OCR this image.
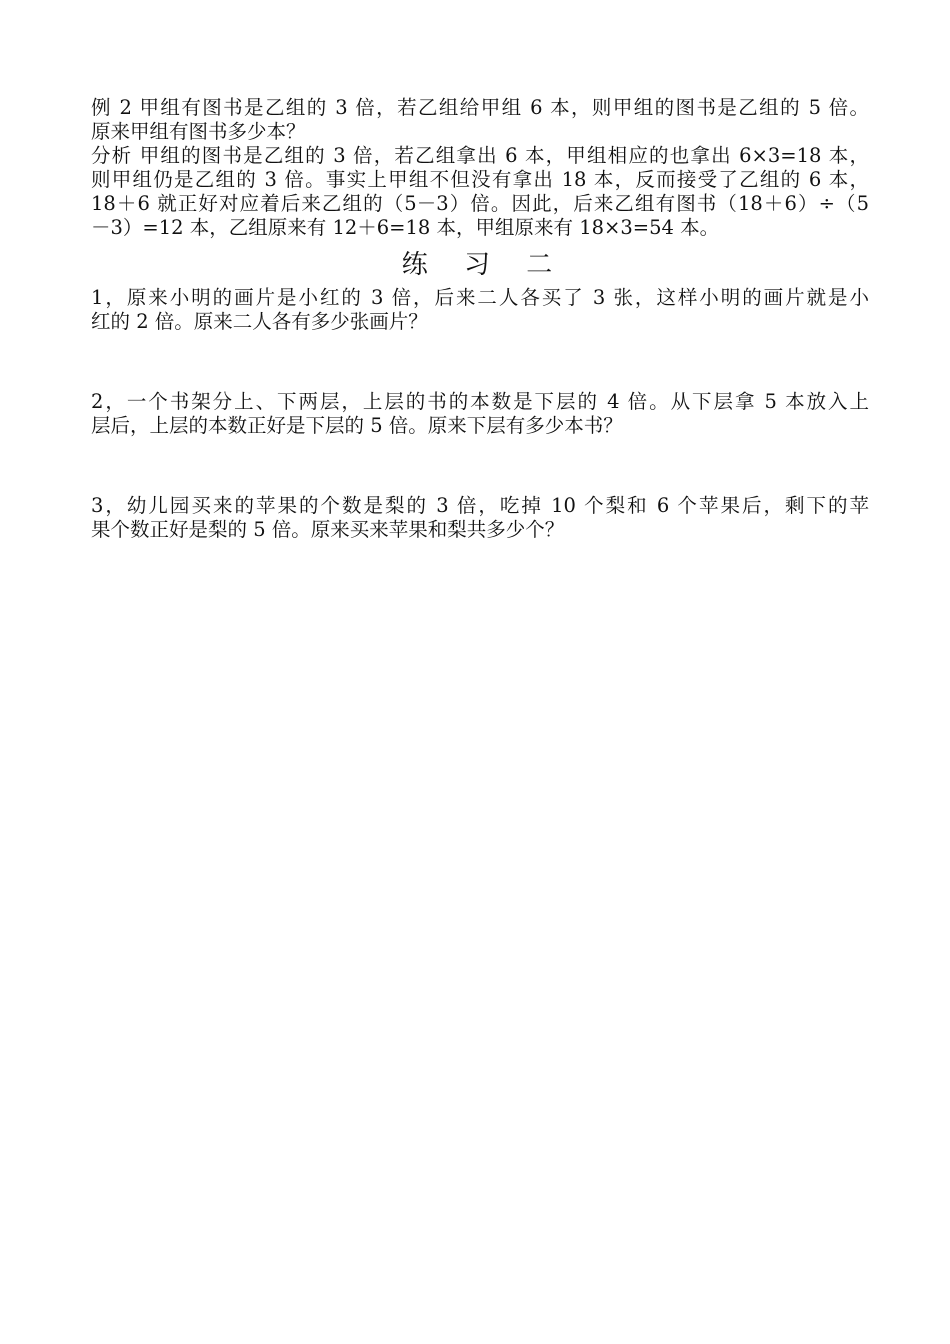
例 2 甲组有图书是乙组的 3 倍，若乙组给甲组 6 本，则甲组的图书是乙组的 5 倍。
原来甲组有图书多少本？
分析 甲组的图书是乙组的 3 倍，若乙组拿出 6 本，甲组相应的也拿出 6×3=18 本，
则甲组仍是乙组的 3 倍。事实上甲组不但没有拿出 18 本，反而接受了乙组的 6 本，
18＋6 就正好对应着后来乙组的（5－3）倍。因此，后来乙组有图书（18＋6）÷（5
－3）=12 本，乙组原来有 12＋6=18 本，甲组原来有 18×3=54 本。
练 习 二
1，原来小明的画片是小红的 3 倍，后来二人各买了 3 张，这样小明的画片就是小
红的 2 倍。原来二人各有多少张画片？
2，一个书架分上、下两层，上层的书的本数是下层的 4 倍。从下层拿 5 本放入上
层后，上层的本数正好是下层的 5 倍。原来下层有多少本书？
3，幼儿园买来的苹果的个数是梨的 3 倍，吃掉 10 个梨和 6 个苹果后，剩下的苹
果个数正好是梨的 5 倍。原来买来苹果和梨共多少个？
